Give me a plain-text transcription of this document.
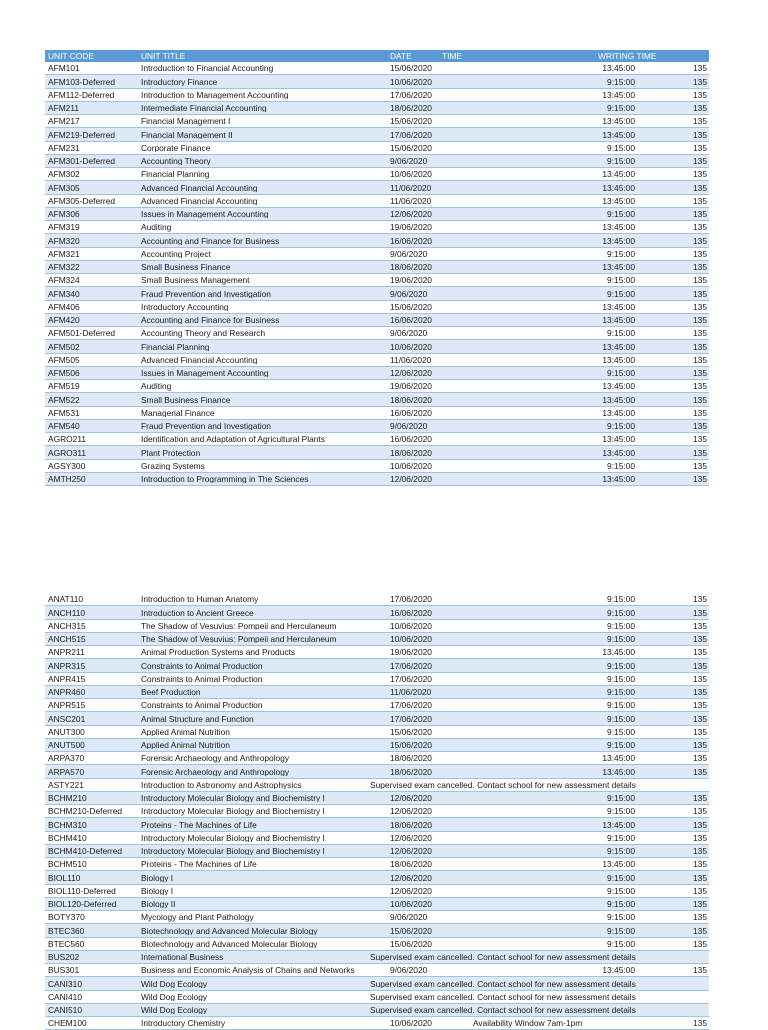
UNIT CODE	UNIT TITLE	DATE	TIME	WRITING TIME
AFM101	Introduction to Financial Accounting	15/06/2020	13:45:00	135
AFM103-Deferred	Introductory Finance	10/06/2020	9:15:00	135
AFM112-Deferred	Introduction to Management Accounting	17/06/2020	13:45:00	135
AFM211	Intermediate Financial Accounting	18/06/2020	9:15:00	135
AFM217	Financial Management I	15/06/2020	13:45:00	135
AFM219-Deferred	Financial Management II	17/06/2020	13:45:00	135
AFM231	Corporate Finance	15/06/2020	9:15:00	135
AFM301-Deferred	Accounting Theory	9/06/2020	9:15:00	135
AFM302	Financial Planning	10/06/2020	13:45:00	135
AFM305	Advanced Financial Accounting	11/06/2020	13:45:00	135
AFM305-Deferred	Advanced Financial Accounting	11/06/2020	13:45:00	135
AFM306	Issues in Management Accounting	12/06/2020	9:15:00	135
AFM319	Auditing	19/06/2020	13:45:00	135
AFM320	Accounting and Finance for Business	16/06/2020	13:45:00	135
AFM321	Accounting Project	9/06/2020	9:15:00	135
AFM322	Small Business Finance	18/06/2020	13:45:00	135
AFM324	Small Business Management	19/06/2020	9:15:00	135
AFM340	Fraud Prevention and Investigation	9/06/2020	9:15:00	135
AFM406	Introductory Accounting	15/06/2020	13:45:00	135
AFM420	Accounting and Finance for Business	16/06/2020	13:45:00	135
AFM501-Deferred	Accounting Theory and Research	9/06/2020	9:15:00	135
AFM502	Financial Planning	10/06/2020	13:45:00	135
AFM505	Advanced Financial Accounting	11/06/2020	13:45:00	135
AFM506	Issues in Management Accounting	12/06/2020	9:15:00	135
AFM519	Auditing	19/06/2020	13:45:00	135
AFM522	Small Business Finance	18/06/2020	13:45:00	135
AFM531	Managerial Finance	16/06/2020	13:45:00	135
AFM540	Fraud Prevention and Investigation	9/06/2020	9:15:00	135
AGRO211	Identification and Adaptation of Agricultural Plants	16/06/2020	13:45:00	135
AGRO311	Plant Protection	18/06/2020	13:45:00	135
AGSY300	Grazing Systems	10/06/2020	9:15:00	135
AMTH250	Introduction to Programming in The Sciences	12/06/2020	13:45:00	135
ANAT110	Introduction to Human Anatomy	17/06/2020	9:15:00	135
ANCH110	Introduction to Ancient Greece	16/06/2020	9:15:00	135
ANCH315	The Shadow of Vesuvius: Pompeii and Herculaneum	10/06/2020	9:15:00	135
ANCH515	The Shadow of Vesuvius: Pompeii and Herculaneum	10/06/2020	9:15:00	135
ANPR211	Animal Production Systems and Products	19/06/2020	13:45:00	135
ANPR315	Constraints to Animal Production	17/06/2020	9:15:00	135
ANPR415	Constraints to Animal Production	17/06/2020	9:15:00	135
ANPR460	Beef Production	11/06/2020	9:15:00	135
ANPR515	Constraints to Animal Production	17/06/2020	9:15:00	135
ANSC201	Animal Structure and Function	17/06/2020	9:15:00	135
ANUT300	Applied Animal Nutrition	15/06/2020	9:15:00	135
ANUT500	Applied Animal Nutrition	15/06/2020	9:15:00	135
ARPA370	Forensic Archaeology and Anthropology	18/06/2020	13:45:00	135
ARPA570	Forensic Archaeology and Anthropology	18/06/2020	13:45:00	135
ASTY221	Introduction to Astronomy and Astrophysics	Supervised exam cancelled. Contact school for new assessment details
BCHM210	Introductory Molecular Biology and Biochemistry I	12/06/2020	9:15:00	135
BCHM210-Deferred	Introductory Molecular Biology and Biochemistry I	12/06/2020	9:15:00	135
BCHM310	Proteins - The Machines of Life	18/06/2020	13:45:00	135
BCHM410	Introductory Molecular Biology and Biochemistry I	12/06/2020	9:15:00	135
BCHM410-Deferred	Introductory Molecular Biology and Biochemistry I	12/06/2020	9:15:00	135
BCHM510	Proteins - The Machines of Life	18/06/2020	13:45:00	135
BIOL110	Biology I	12/06/2020	9:15:00	135
BIOL110-Deferred	Biology I	12/06/2020	9:15:00	135
BIOL120-Deferred	Biology II	10/06/2020	9:15:00	135
BOTY370	Mycology and Plant Pathology	9/06/2020	9:15:00	135
BTEC360	Biotechnology and Advanced Molecular Biology	15/06/2020	9:15:00	135
BTEC560	Biotechnology and Advanced Molecular Biology	15/06/2020	9:15:00	135
BUS202	International Business	Supervised exam cancelled. Contact school for new assessment details
BUS301	Business and Economic Analysis of Chains and Networks	9/06/2020	13:45:00	135
CANI310	Wild Dog Ecology	Supervised exam cancelled. Contact school for new assessment details
CANI410	Wild Dog Ecology	Supervised exam cancelled. Contact school for new assessment details
CANI510	Wild Dog Ecology	Supervised exam cancelled. Contact school for new assessment details
CHEM100	Introductory Chemistry	10/06/2020	Availability Window 7am-1pm	135
